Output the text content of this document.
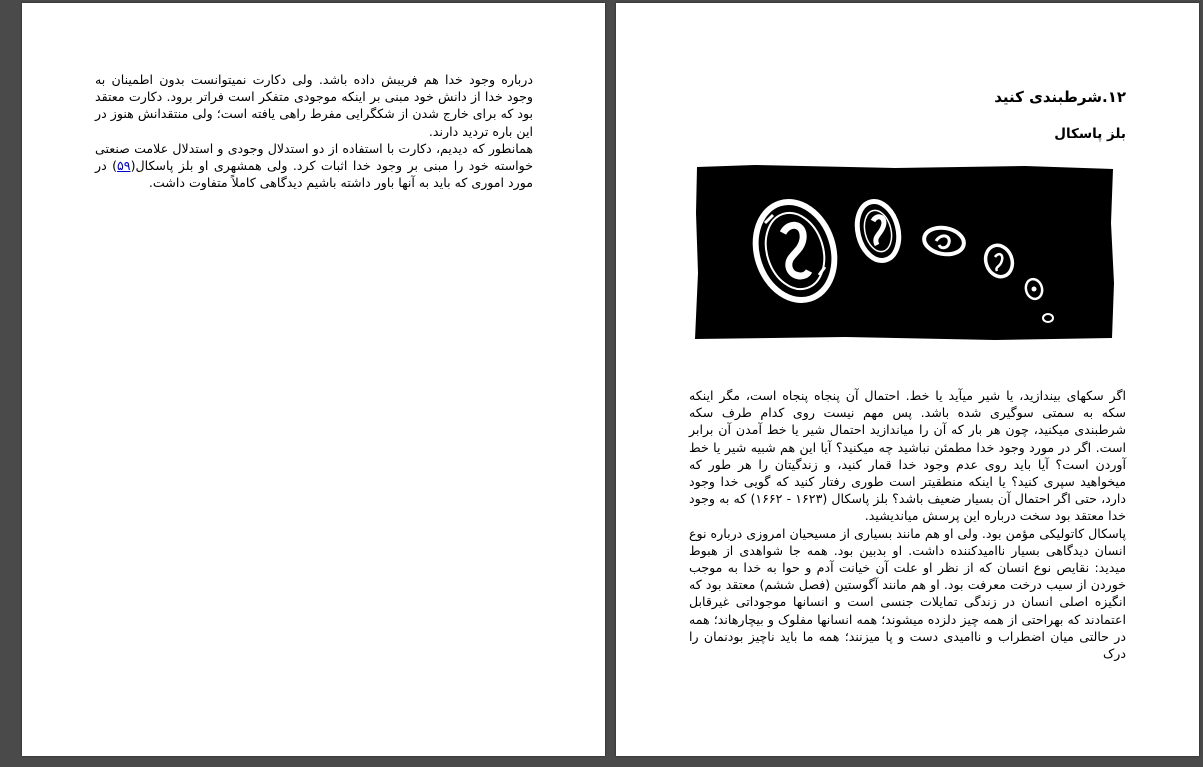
درباره وجود خدا هم فریبش داده باشد. ولی دکارت نمیتوانست بدون اطمینان به وجود خدا از دانش خود مبنی بر اینکه موجودی متفکر است فراتر برود. دکارت معتقد بود که برای خارج شدن از شکگرایی مفرط راهی یافته است؛ ولی منتقدانش هنوز در این باره تردید دارند.

همانطور که دیدیم، دکارت با استفاده از دو استدلال وجودی و استدلال علامت صنعتی خواسته خود را مبنی بر وجود خدا اثبات کرد. ولی همشهری او بلز پاسکال(۵۹) در مورد اموری که باید به آنها باور داشته باشیم دیدگاهی کاملاً متفاوت داشت.

۱۲.شرطبندی کنید
بلز پاسکال

اگر سکهای بیندازید، یا شیر میآید یا خط. احتمال آن پنجاه پنجاه است، مگر اینکه سکه به سمتی سوگیری شده باشد. پس مهم نیست روی کدام طرف سکه شرطبندی میکنید، چون هر بار که آن را میاندازید احتمال شیر یا خط آمدن آن برابر است. اگر در مورد وجود خدا مطمئن نباشید چه میکنید؟ آیا این هم شبیه شیر یا خط آوردن است؟ آیا باید روی عدم وجود خدا قمار کنید، و زندگیتان را هر طور که میخواهید سپری کنید؟ یا اینکه منطقیتر است طوری رفتار کنید که گویی خدا وجود دارد، حتی اگر احتمال آن بسیار ضعیف باشد؟ بلز پاسکال (۱۶۲۳ - ۱۶۶۲) که به وجود خدا معتقد بود سخت درباره این پرسش میاندیشید.

پاسکال کاتولیکی مؤمن بود. ولی او هم مانند بسیاری از مسیحیان امروزی درباره نوع انسان دیدگاهی بسیار ناامیدکننده داشت. او بدبین بود. همه جا شواهدی از هبوط میدید: نقایص نوع انسان که از نظر او علت آن خیانت آدم و حوا به خدا به موجب خوردن از سیب درخت معرفت بود. او هم مانند آگوستین (فصل ششم) معتقد بود که انگیزه اصلی انسان در زندگی تمایلات جنسی است و انسانها موجوداتی غیرقابل اعتمادند که بهراحتی از همه چیز دلزده میشوند؛ همه انسانها مفلوک و بیچارهاند؛ همه در حالتی میان اضطراب و ناامیدی دست و پا میزنند؛ همه ما باید ناچیز بودنمان را درک
